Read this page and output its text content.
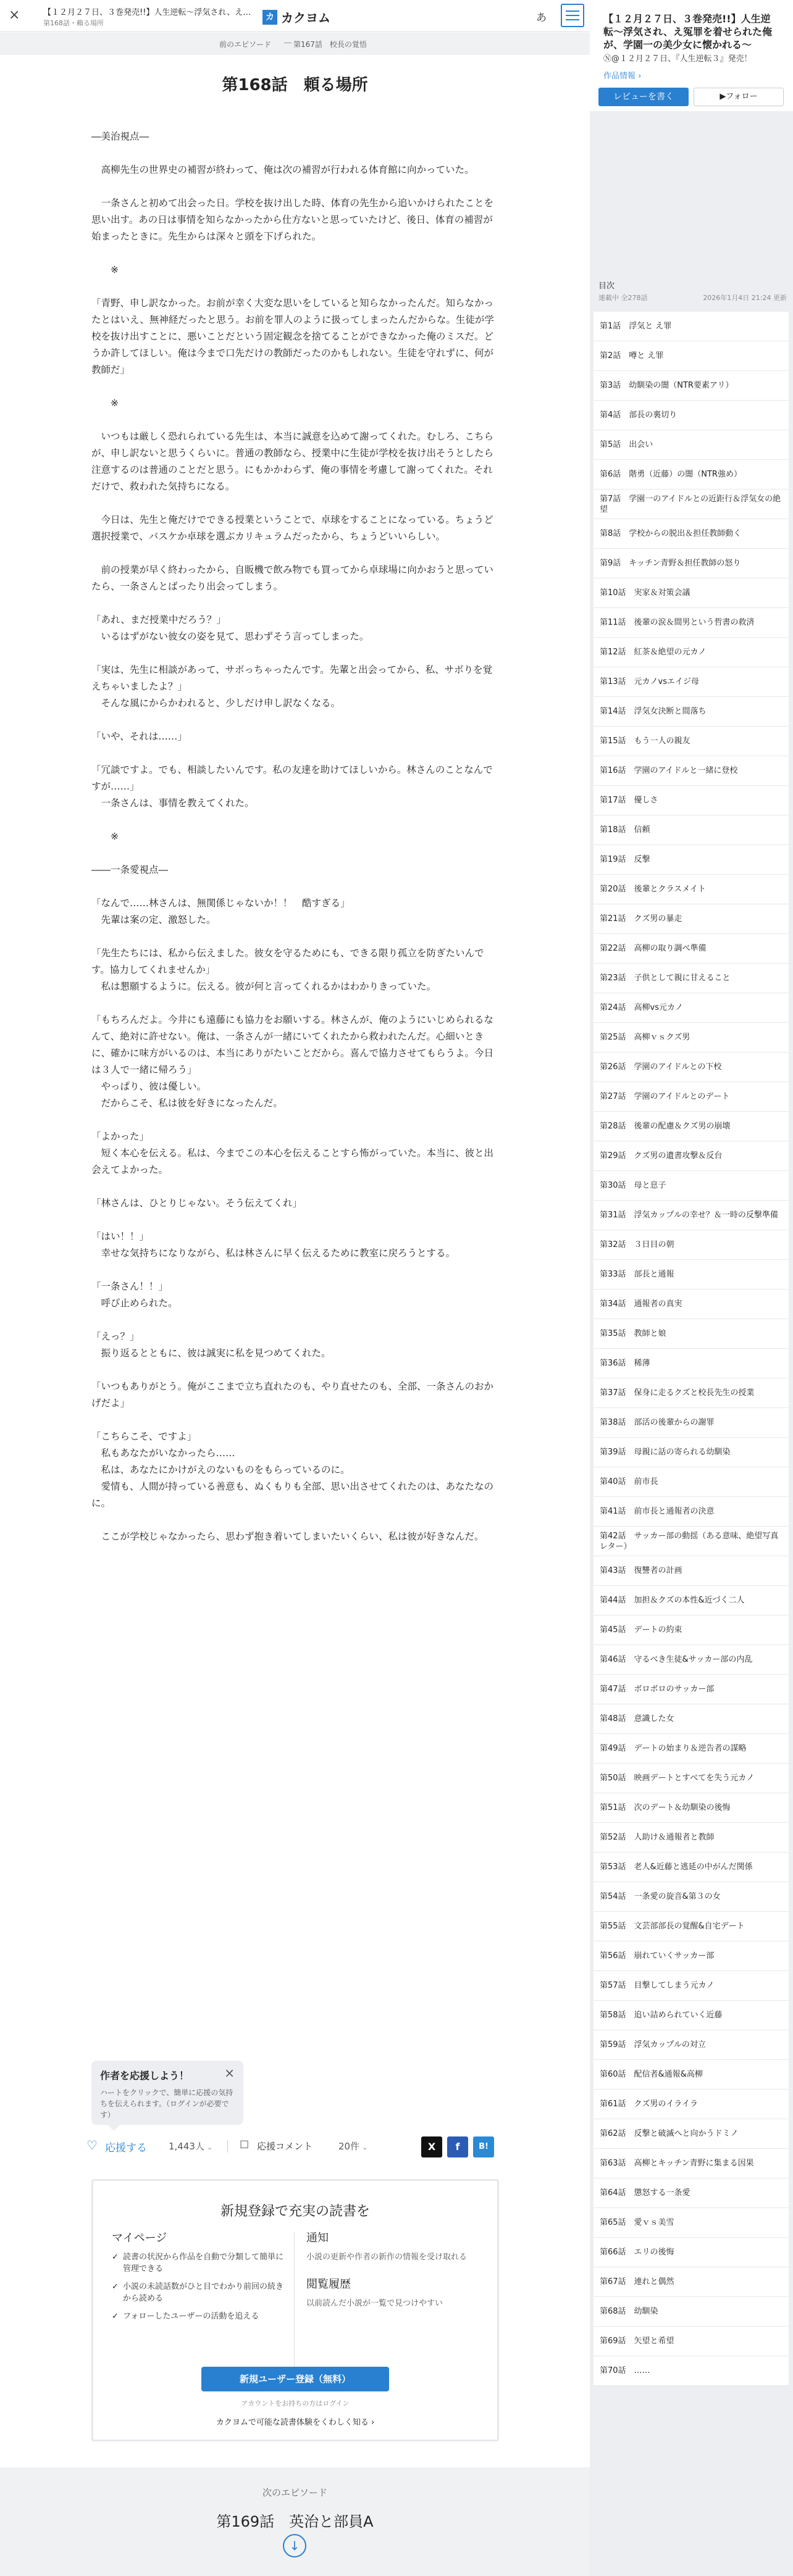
×	【１２月２７日、３巻発売!!】人生逆転〜浮気され、え…
第168話・賴る場所
カ カクヨム	あ
前のエピソード ― 第167話　校長の覚悟
第168話　頼る場所

―美治視点―

　高柳先生の世界史の補習が終わって、俺は次の補習が行われる体育館に向かっていた。

　一条さんと初めて出会った日。学校を抜け出した時、体育の先生から追いかけられたことを思い出す。あの日は事情を知らなかったから仕方ないと思っていたけど、後日、体育の補習が始まったときに。先生からは深々と頭を下げられた。

　　※

「青野、申し訳なかった。お前が幸く大変な思いをしていると知らなかったんだ。知らなかったとはいえ、無神経だったと思う。お前を罪人のように扱ってしまったんだからな。生徒が学校を抜け出すことに、悪いことだという固定観念を捨てることができなかった俺のミスだ。どうか許してほしい。俺は今まで口先だけの教師だったのかもしれない。生徒を守れずに、何が教師だ」

　　※

　いつもは厳しく恐れられている先生は、本当に誠意を込めて謝ってくれた。むしろ、こちらが、申し訳ないと思うくらいに。普通の教師なら、授業中に生徒が学校を抜け出そうとしたら注意するのは普通のことだと思う。にもかかわらず、俺の事情を考慮して謝ってくれた。それだけで、救われた気持ちになる。

　今日は、先生と俺だけでできる授業ということで、卓球をすることになっている。ちょうど選択授業で、バスケか卓球を選ぶカリキュラムだったから、ちょうどいいらしい。

　前の授業が早く終わったから、自販機で飲み物でも買ってから卓球場に向かおうと思っていたら、一条さんとばったり出会ってしまう。

「あれ、まだ授業中だろう？」

　いるはずがない彼女の姿を見て、思わずそう言ってしまった。

「実は、先生に相談があって、サボっちゃったんです。先輩と出会ってから、私、サボりを覚えちゃいましたよ？」

　そんな風にからかわれると、少しだけ申し訳なくなる。

「いや、それは……」

「冗談ですよ。でも、相談したいんです。私の友達を助けてほしいから。林さんのことなんですが……」

　一条さんは、事情を教えてくれた。

　　※

――一条愛視点―

「なんで……林さんは、無関係じゃないか！！　酷すぎる」

　先輩は案の定、激怒した。

「先生たちには、私から伝えました。彼女を守るためにも、できる限り孤立を防ぎたいんです。協力してくれませんか」

　私は懇願するように。伝える。彼が何と言ってくれるかはわかりきっていた。

「もちろんだよ。今井にも遠藤にも協力をお願いする。林さんが、俺のようにいじめられるなんて、絶対に許せない。俺は、一条さんが一緒にいてくれたから救われたんだ。心細いときに、確かに味方がいるのは、本当にありがたいことだから。喜んで協力させてもらうよ。今日は３人で一緒に帰ろう」

　やっぱり、彼は優しい。

　だからこそ、私は彼を好きになったんだ。

「よかった」

　短く本心を伝える。私は、今までこの本心を伝えることすら怖がっていた。本当に、彼と出会えてよかった。

「林さんは、ひとりじゃない。そう伝えてくれ」

「はい！！」

　幸せな気持ちになりながら、私は林さんに早く伝えるために教室に戻ろうとする。

「一条さん！！」

　呼び止められた。

「えっ？」

　振り返るとともに、彼は誠実に私を見つめてくれた。

「いつもありがとう。俺がここまで立ち直れたのも、やり直せたのも、全部、一条さんのおかげだよ」

「こちらこそ、ですよ」

　私もあなたがいなかったら……

　私は、あなたにかけがえのないものをもらっているのに。

　愛情も、人間が持っている善意も、ぬくもりも全部、思い出させてくれたのは、あなたなのに。

　ここが学校じゃなかったら、思わず抱き着いてしまいたいくらい、私は彼が好きなんだ。

作者を応援しよう！
ハートをクリックで、簡単に応援の気持ちを伝えられます。（ログインが必要です）
×
♡ 応援する 1,443人 ⌄	☐ 応援コメント	20件 ⌄	X	f	B!
新規登録で充実の読書を
マイページ
✓ 読書の状況から作品を自動で分類して簡単に管理できる
✓ 小説の未読話数がひと目でわかり前回の続きから読める
✓ フォローしたユーザーの活動を追える
通知
小説の更新や作者の新作の情報を受け取れる
閲覧履歴
以前読んだ小説が一覧で見つけやすい
新規ユーザー登録（無料）
アカウントをお持ちの方はログイン
カクヨムで可能な読書体験をくわしく知る ›
次のエピソード
第169話　英治と部員A
↓
【１２月２７日、３巻発売!!】人生逆転〜浮気され、え冤罪を着せられた俺が、学園一の美少女に懐かれる〜
Ⓝ@１２月２７日、『人生逆転３』発売！
作品情報 ›
レビューを書く	▶フォロー
目次
連載中 全278話	2026年1月4日 21:24 更新
第1話　浮気と え罪
第2話　噂と え罪
第3話　幼馴染の闇（NTR要素アリ）
第4話　部長の裏切り
第5話　出会い
第6話　階勇（近藤）の闇（NTR強め）
第7話　学園一のアイドルとの近距行＆浮気女の絶望
第8話　学校からの脱出＆担任教師動く
第9話　キッチン青野＆担任教師の怒り
第10話　実家＆対策会議
第11話　後輩の涙＆間男という哲書の救済
第12話　紅茶＆絶望の元カノ
第13話　元カノvsエイジ母
第14話　浮気女決断と間落ち
第15話　もう一人の親友
第16話　学園のアイドルと一緒に登校
第17話　優しさ
第18話　信頼
第19話　反撃
第20話　後輩とクラスメイト
第21話　クズ男の暴走
第22話　高柳の取り調べ準備
第23話　子供として親に甘えること
第24話　高柳vs元カノ
第25話　高柳ｖｓクズ男
第26話　学園のアイドルとの下校
第27話　学園のアイドルとのデート
第28話　後輩の配慮＆クズ男の崩壊
第29話　クズ男の遺書攻撃＆反台
第30話　母と息子
第31話　浮気カップルの幸せ？＆一時の反撃準備
第32話　３日目の朝
第33話　部長と通報
第34話　通報者の真実
第35話　教師と娘
第36話　稀薄
第37話　保身に走るクズと校長先生の授業
第38話　部活の後輩からの謝罪
第39話　母親に話の寄られる幼馴染
第40話　前市長
第41話　前市長と通報者の決意
第42話　サッカー部の動揺（ある意味、絶望写真レター）
第43話　復讐者の計画
第44話　加担＆クズの本性&近づく二人
第45話　デートの約束
第46話　守るべき生徒&サッカー部の内乱
第47話　ボロボロのサッカー部
第48話　意識した女
第49話　デートの始まり＆逆告者の謀略
第50話　映画デートとすべてを失う元カノ
第51話　次のデート＆幼馴染の後悔
第52話　人助け＆通報者と教師
第53話　老人&近藤と逃延の中がんだ関係
第54話　一条愛の旋音&第３の女
第55話　文芸部部長の覚醒&自宅デート
第56話　崩れていくサッカー部
第57話　目撃してしまう元カノ
第58話　追い詰められていく近藤
第59話　浮気カップルの対立
第60話　配信者&通報&高柳
第61話　クズ男のイライラ
第62話　反撃と破滅へと向かうドミノ
第63話　高柳とキッチン青野に集まる因果
第64話　懲怒する一条愛
第65話　愛ｖｓ美雪
第66話　エリの後悔
第67話　連れと偶然
第68話　幼馴染
第69話　矢望と希望
第70話　……
